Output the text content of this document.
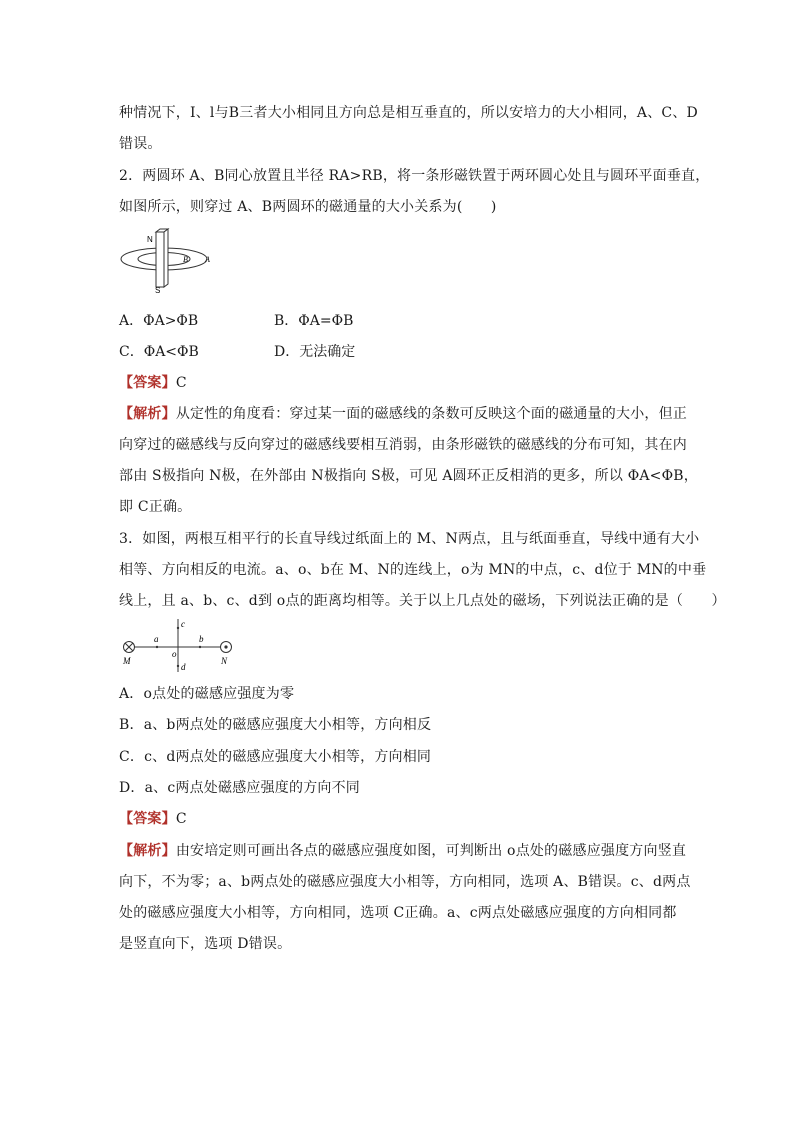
种情况下，I、l与B三者大小相同且方向总是相互垂直的，所以安培力的大小相同，A、C、D
错误。
2．两圆环 A、B同心放置且半径 RA>RB，将一条形磁铁置于两环圆心处且与圆环平面垂直，
如图所示，则穿过 A、B两圆环的磁通量的大小关系为(　　)
N
S
B A
A．ΦA>ΦB	B．ΦA=ΦB
C．ΦA<ΦB	D．无法确定
【答案】C
【解析】从定性的角度看：穿过某一面的磁感线的条数可反映这个面的磁通量的大小，但正
向穿过的磁感线与反向穿过的磁感线要相互消弱，由条形磁铁的磁感线的分布可知，其在内
部由 S极指向 N极，在外部由 N极指向 S极，可见 A圆环正反相消的更多，所以 ΦA<ΦB，
即 C正确。
3．如图，两根互相平行的长直导线过纸面上的 M、N两点，且与纸面垂直，导线中通有大小
相等、方向相反的电流。a、o、b在 M、N的连线上，o为 MN的中点，c、d位于 MN的中垂
线上，且 a、b、c、d到 o点的距离均相等。关于以上几点处的磁场，下列说法正确的是（　　）
M	N
a
o
b
c
d
A．o点处的磁感应强度为零
B．a、b两点处的磁感应强度大小相等，方向相反
C．c、d两点处的磁感应强度大小相等，方向相同
D．a、c两点处磁感应强度的方向不同
【答案】C
【解析】由安培定则可画出各点的磁感应强度如图，可判断出 o点处的磁感应强度方向竖直
向下，不为零；a、b两点处的磁感应强度大小相等，方向相同，选项 A、B错误。c、d两点
处的磁感应强度大小相等，方向相同，选项 C正确。a、c两点处磁感应强度的方向相同都
是竖直向下，选项 D错误。
